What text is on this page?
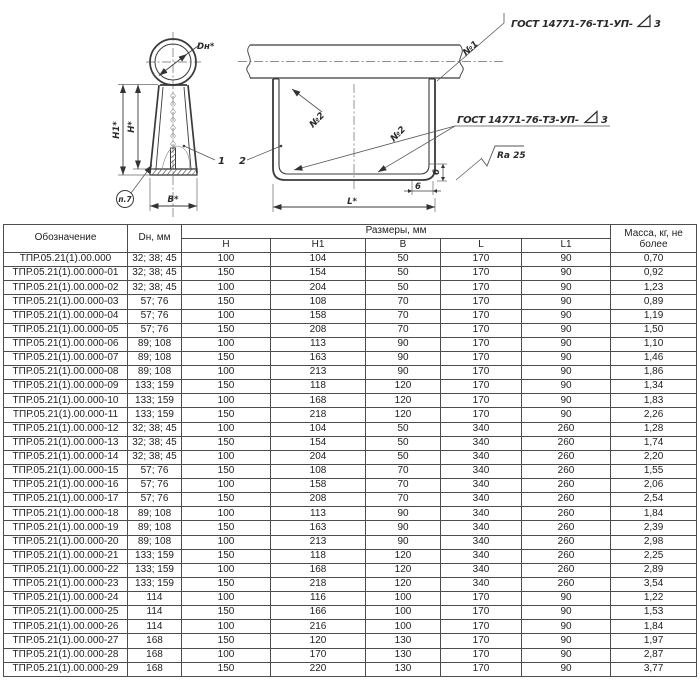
H1* H*
B*
Dн*
1 2
п.7
№1
ГОСТ 14771-76-Т1-УП- 3
№2
№2
ГОСТ 14771-76-Т3-УП- 3
Ra 25
6
6
L*
Обозначение	Dн, мм	Размеры, мм					Масса, кг, не более
		H	H1	B	L	L1	
ТПР.05.21(1).00.000	32; 38; 45	100	104	50	170	90	0,70
ТПР.05.21(1).00.000-01	32; 38; 45	150	154	50	170	90	0,92
ТПР.05.21(1).00.000-02	32; 38; 45	100	204	50	170	90	1,23
ТПР.05.21(1).00.000-03	57; 76	150	108	70	170	90	0,89
ТПР.05.21(1).00.000-04	57; 76	100	158	70	170	90	1,19
ТПР.05.21(1).00.000-05	57; 76	150	208	70	170	90	1,50
ТПР.05.21(1).00.000-06	89; 108	100	113	90	170	90	1,10
ТПР.05.21(1).00.000-07	89; 108	150	163	90	170	90	1,46
ТПР.05.21(1).00.000-08	89; 108	100	213	90	170	90	1,86
ТПР.05.21(1).00.000-09	133; 159	150	118	120	170	90	1,34
ТПР.05.21(1).00.000-10	133; 159	100	168	120	170	90	1,83
ТПР.05.21(1).00.000-11	133; 159	150	218	120	170	90	2,26
ТПР.05.21(1).00.000-12	32; 38; 45	100	104	50	340	260	1,28
ТПР.05.21(1).00.000-13	32; 38; 45	150	154	50	340	260	1,74
ТПР.05.21(1).00.000-14	32; 38; 45	100	204	50	340	260	2,20
ТПР.05.21(1).00.000-15	57; 76	150	108	70	340	260	1,55
ТПР.05.21(1).00.000-16	57; 76	100	158	70	340	260	2,06
ТПР.05.21(1).00.000-17	57; 76	150	208	70	340	260	2,54
ТПР.05.21(1).00.000-18	89; 108	100	113	90	340	260	1,84
ТПР.05.21(1).00.000-19	89; 108	150	163	90	340	260	2,39
ТПР.05.21(1).00.000-20	89; 108	100	213	90	340	260	2,98
ТПР.05.21(1).00.000-21	133; 159	150	118	120	340	260	2,25
ТПР.05.21(1).00.000-22	133; 159	100	168	120	340	260	2,89
ТПР.05.21(1).00.000-23	133; 159	150	218	120	340	260	3,54
ТПР.05.21(1).00.000-24	114	100	116	100	170	90	1,22
ТПР.05.21(1).00.000-25	114	150	166	100	170	90	1,53
ТПР.05.21(1).00.000-26	114	100	216	100	170	90	1,84
ТПР.05.21(1).00.000-27	168	150	120	130	170	90	1,97
ТПР.05.21(1).00.000-28	168	100	170	130	170	90	2,87
ТПР.05.21(1).00.000-29	168	150	220	130	170	90	3,77
